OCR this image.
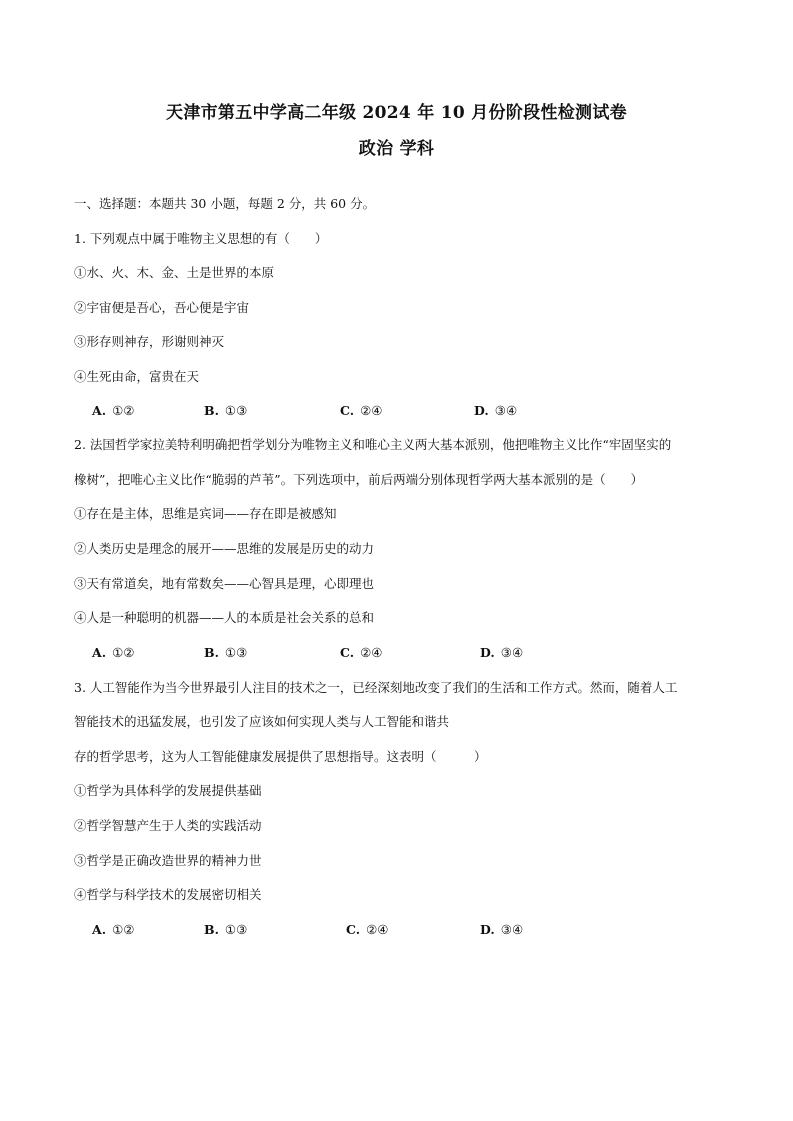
天津市第五中学高二年级 2024 年 10 月份阶段性检测试卷
政治 学科
一、选择题：本题共 30 小题，每题 2 分，共 60 分。
1. 下列观点中属于唯物主义思想的有（　　）
①水、火、木、金、土是世界的本原
②宇宙便是吾心，吾心便是宇宙
③形存则神存，形谢则神灭
④生死由命，富贵在天
A. ①②	B. ①③	C. ②④	D. ③④
2. 法国哲学家拉美特利明确把哲学划分为唯物主义和唯心主义两大基本派别，他把唯物主义比作“牢固坚实的
橡树”，把唯心主义比作“脆弱的芦苇”。下列选项中，前后两端分别体现哲学两大基本派别的是（　　）
①存在是主体，思维是宾词——存在即是被感知
②人类历史是理念的展开——思维的发展是历史的动力
③天有常道矣，地有常数矣——心智具是理，心即理也
④人是一种聪明的机器——人的本质是社会关系的总和
A. ①②	B. ①③	C. ②④	D. ③④
3. 人工智能作为当今世界最引人注目的技术之一，已经深刻地改变了我们的生活和工作方式。然而，随着人工
智能技术的迅猛发展，也引发了应该如何实现人类与人工智能和谐共
存的哲学思考，这为人工智能健康发展提供了思想指导。这表明（　　　）
①哲学为具体科学的发展提供基础
②哲学智慧产生于人类的实践活动
③哲学是正确改造世界的精神力世
④哲学与科学技术的发展密切相关
A. ①②	B. ①③	C. ②④	D. ③④
